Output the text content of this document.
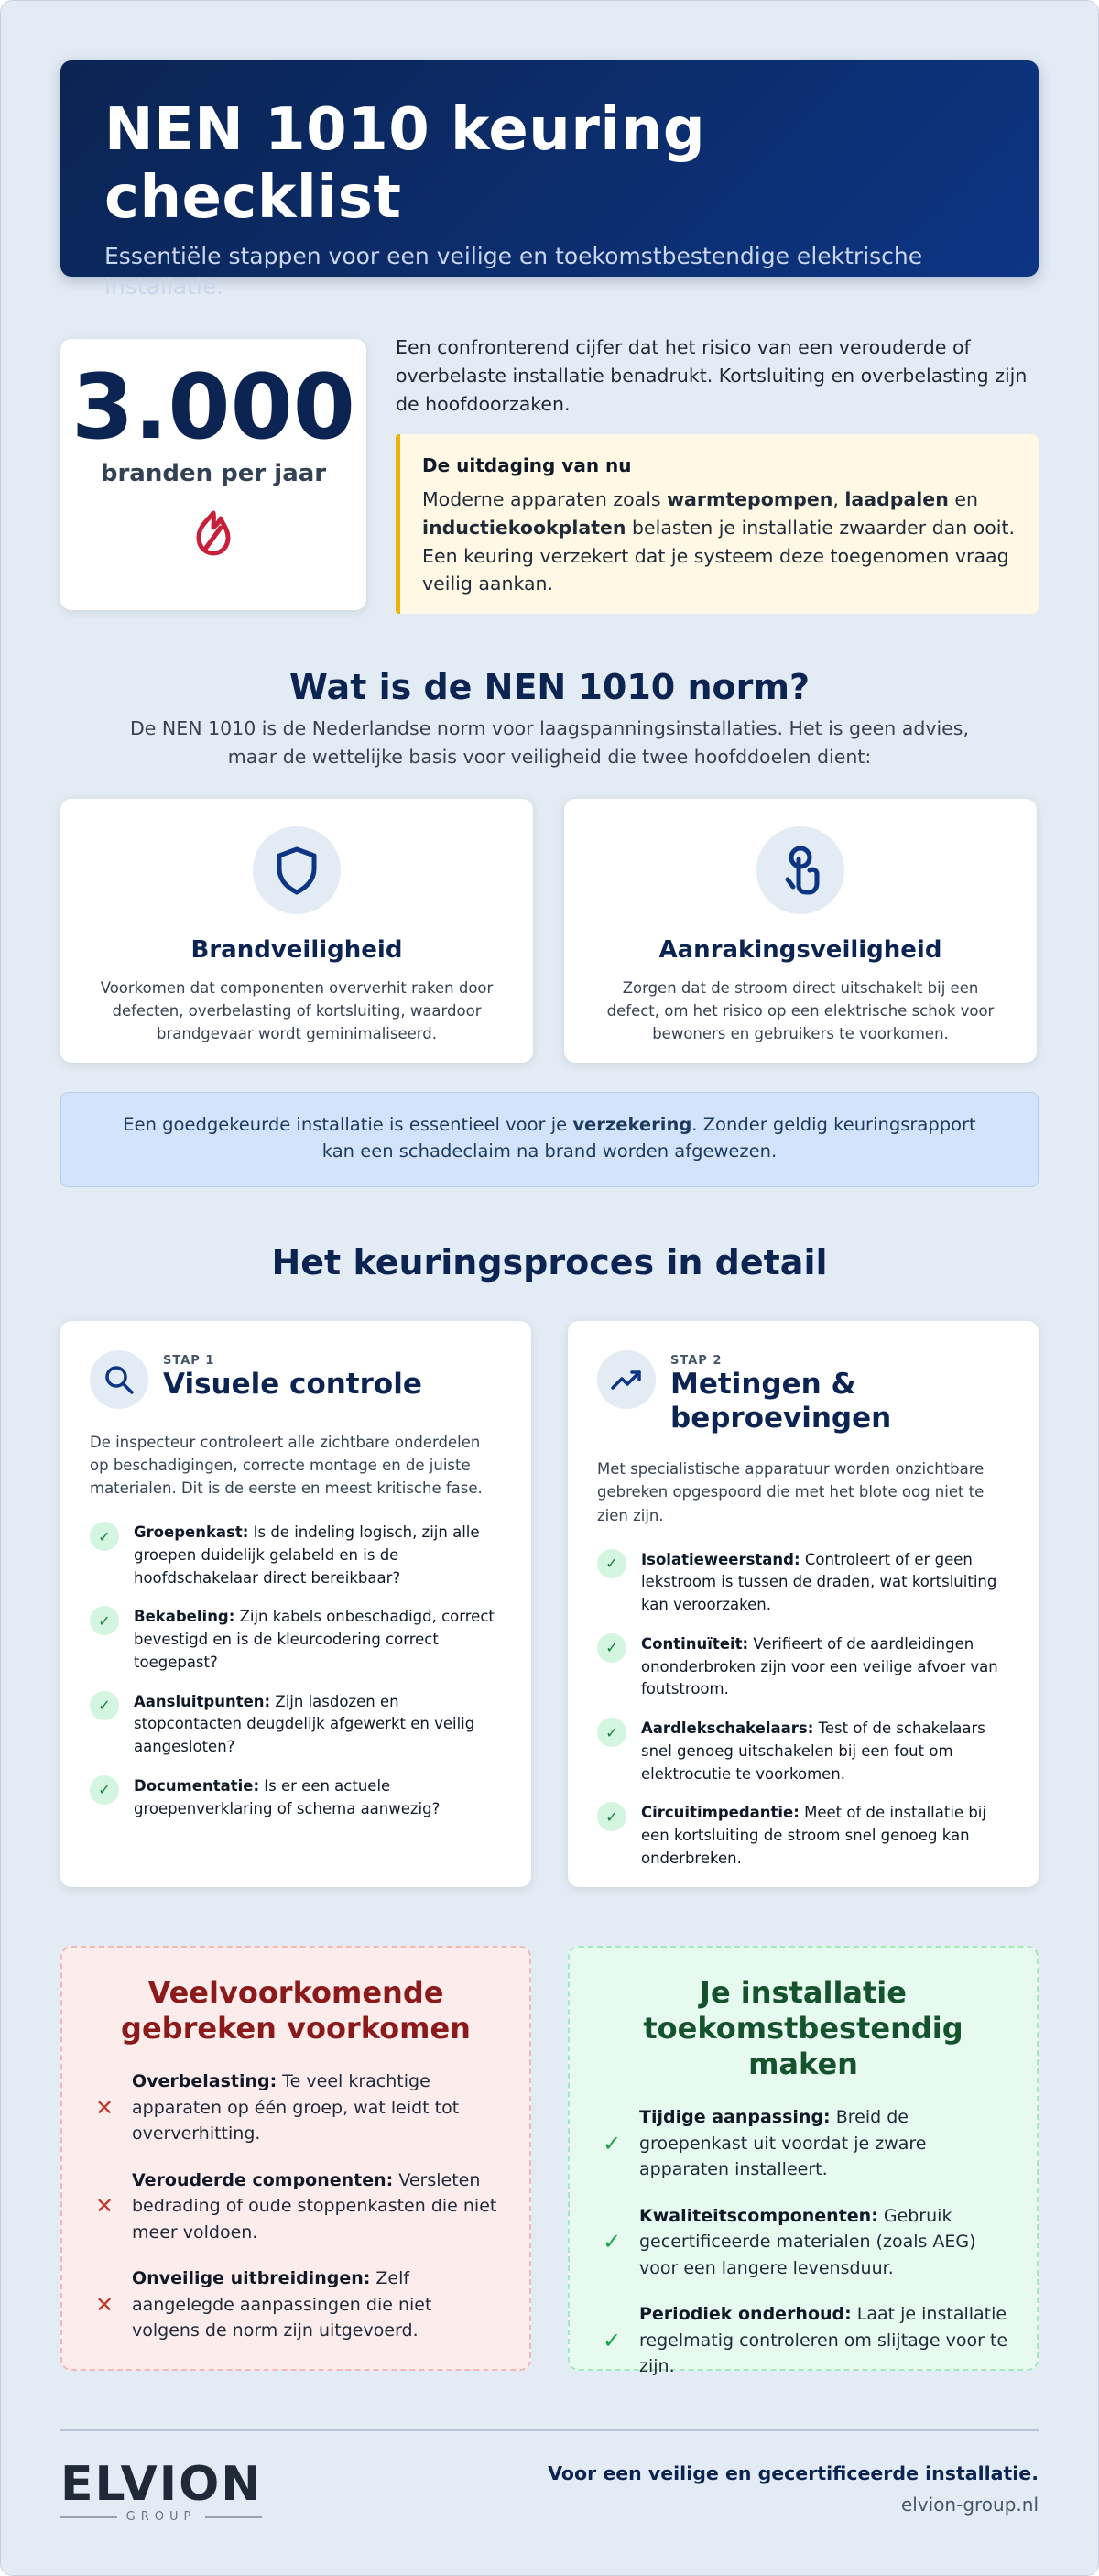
NEN 1010 keuring checklist

Essentiële stappen voor een veilige en toekomstbestendige elektrische installatie.

3.000
branden per jaar

Een confronterend cijfer dat het risico van een verouderde of overbelaste installatie benadrukt. Kortsluiting en overbelasting zijn de hoofdoorzaken.

De uitdaging van nu

Moderne apparaten zoals warmtepompen, laadpalen en inductiekookplaten belasten je installatie zwaarder dan ooit. Een keuring verzekert dat je systeem deze toegenomen vraag veilig aankan.

Wat is de NEN 1010 norm?

De NEN 1010 is de Nederlandse norm voor laagspanningsinstallaties. Het is geen advies, maar de wettelijke basis voor veiligheid die twee hoofddoelen dient:

Brandveiligheid

Voorkomen dat componenten oververhit raken door defecten, overbelasting of kortsluiting, waardoor brandgevaar wordt geminimaliseerd.

Aanrakingsveiligheid

Zorgen dat de stroom direct uitschakelt bij een defect, om het risico op een elektrische schok voor bewoners en gebruikers te voorkomen.

Een goedgekeurde installatie is essentieel voor je verzekering. Zonder geldig keuringsrapport kan een schadeclaim na brand worden afgewezen.
Het keuringsproces in detail
STAP 1
Visuele controle

De inspecteur controleert alle zichtbare onderdelen op beschadigingen, correcte montage en de juiste materialen. Dit is de eerste en meest kritische fase.

✓	Groepenkast: Is de indeling logisch, zijn alle groepen duidelijk gelabeld en is de hoofdschakelaar direct bereikbaar?
✓	Bekabeling: Zijn kabels onbeschadigd, correct bevestigd en is de kleurcodering correct toegepast?
✓	Aansluitpunten: Zijn lasdozen en stopcontacten deugdelijk afgewerkt en veilig aangesloten?
✓	Documentatie: Is er een actuele groepenverklaring of schema aanwezig?
STAP 2
Metingen & beproevingen

Met specialistische apparatuur worden onzichtbare gebreken opgespoord die met het blote oog niet te zien zijn.

✓	Isolatieweerstand: Controleert of er geen lekstroom is tussen de draden, wat kortsluiting kan veroorzaken.
✓	Continuïteit: Verifieert of de aardleidingen ononderbroken zijn voor een veilige afvoer van foutstroom.
✓	Aardlekschakelaars: Test of de schakelaars snel genoeg uitschakelen bij een fout om elektrocutie te voorkomen.
✓	Circuitimpedantie: Meet of de installatie bij een kortsluiting de stroom snel genoeg kan onderbreken.
Veelvoorkomende gebreken voorkomen
✕
Overbelasting: Te veel krachtige apparaten op één groep, wat leidt tot oververhitting.
✕
Verouderde componenten: Versleten bedrading of oude stoppenkasten die niet meer voldoen.
✕
Onveilige uitbreidingen: Zelf aangelegde aanpassingen die niet volgens de norm zijn uitgevoerd.
Je installatie toekomstbestendig maken
✓
Tijdige aanpassing: Breid de groepenkast uit voordat je zware apparaten installeert.
✓
Kwaliteitscomponenten: Gebruik gecertificeerde materialen (zoals AEG) voor een langere levensduur.
✓
Periodiek onderhoud: Laat je installatie regelmatig controleren om slijtage voor te zijn.
ELVION
GROUP
Voor een veilige en gecertificeerde installatie.
elvion-group.nl
